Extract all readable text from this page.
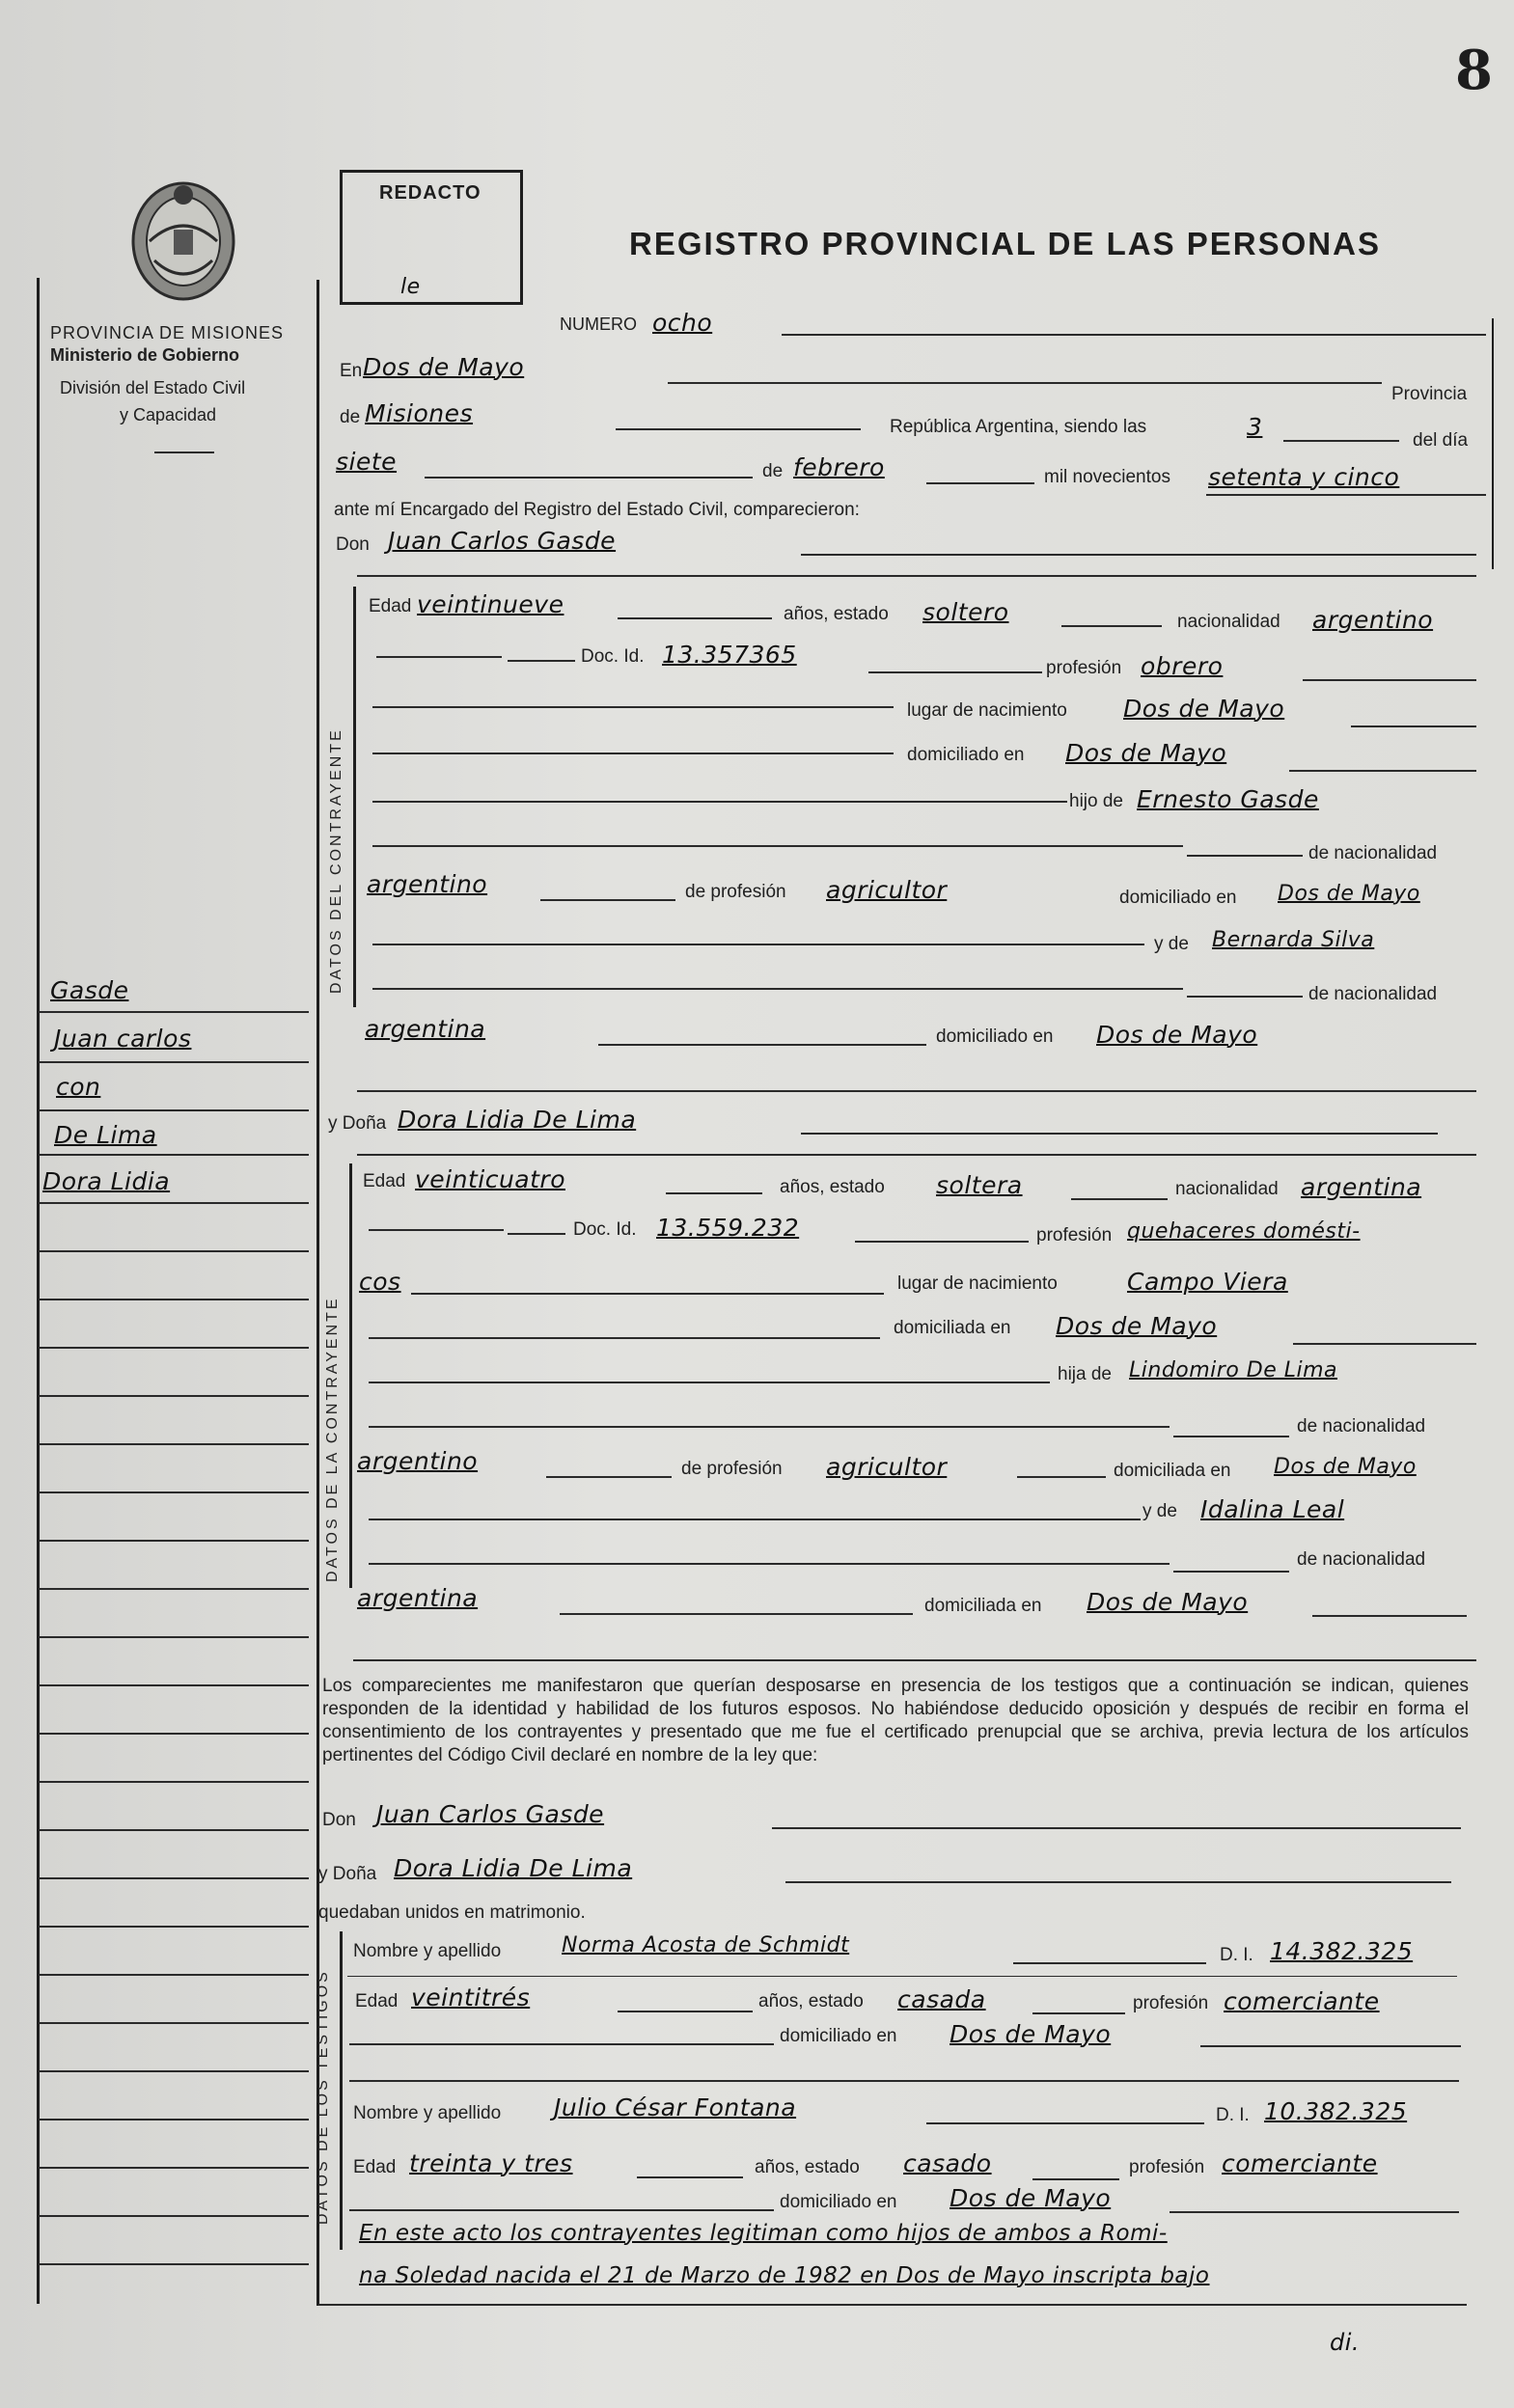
8
PROVINCIA DE MISIONES
Ministerio de Gobierno
División del Estado Civil
y Capacidad
Gasde
Juan carlos
con
De Lima
Dora Lidia
REDACTO
le
REGISTRO PROVINCIAL DE LAS PERSONAS
NUMERO ocho
En Dos de Mayo
Provincia
de Misiones	República Argentina, siendo las	3	del día
siete	de febrero	mil novecientos setenta y cinco
ante mí Encargado del Registro del Estado Civil, comparecieron:
Don Juan Carlos Gasde
DATOS DEL CONTRAYENTE
Edad veintinueve	años, estado soltero	nacionalidad argentino
Doc. Id. 13.357365	profesión obrero
lugar de nacimiento Dos de Mayo
domiciliado en Dos de Mayo
hijo de Ernesto Gasde
de nacionalidad
argentino	de profesión agricultor	domiciliado en Dos de Mayo
y de Bernarda Silva
de nacionalidad
argentina	domiciliado en Dos de Mayo
y Doña Dora Lidia De Lima
DATOS DE LA CONTRAYENTE
Edad veinticuatro	años, estado soltera	nacionalidad argentina
Doc. Id. 13.559.232	profesión quehaceres domésti-
cos	lugar de nacimiento	Campo Viera
domiciliada en Dos de Mayo
hija de Lindomiro De Lima
de nacionalidad
argentino	de profesión agricultor	domiciliada en Dos de Mayo
y de Idalina Leal
de nacionalidad
argentina	domiciliada en Dos de Mayo
Los comparecientes me manifestaron que querían desposarse en presencia de los testigos que a continuación se indican, quienes responden de la identidad y habilidad de los futuros esposos. No habiéndose deducido oposición y después de recibir en forma el consentimiento de los contrayentes y presentado que me fue el certificado prenupcial que se archiva, previa lectura de los artículos pertinentes del Código Civil declaré en nombre de la ley que:
Don Juan Carlos Gasde
y Doña Dora Lidia De Lima
quedaban unidos en matrimonio.
DATOS DE LOS TESTIGOS
Nombre y apellido	Norma Acosta de Schmidt	D. I. 14.382.325
Edad veintitrés	años, estado casada	profesión comerciante
domiciliado en Dos de Mayo
Nombre y apellido Julio César Fontana	D. I. 10.382.325
Edad treinta y tres	años, estado casado	profesión comerciante
domiciliado en Dos de Mayo
En este acto los contrayentes legitiman como hijos de ambos a Romi-
na Soledad nacida el 21 de Marzo de 1982 en Dos de Mayo inscripta bajo
di.
